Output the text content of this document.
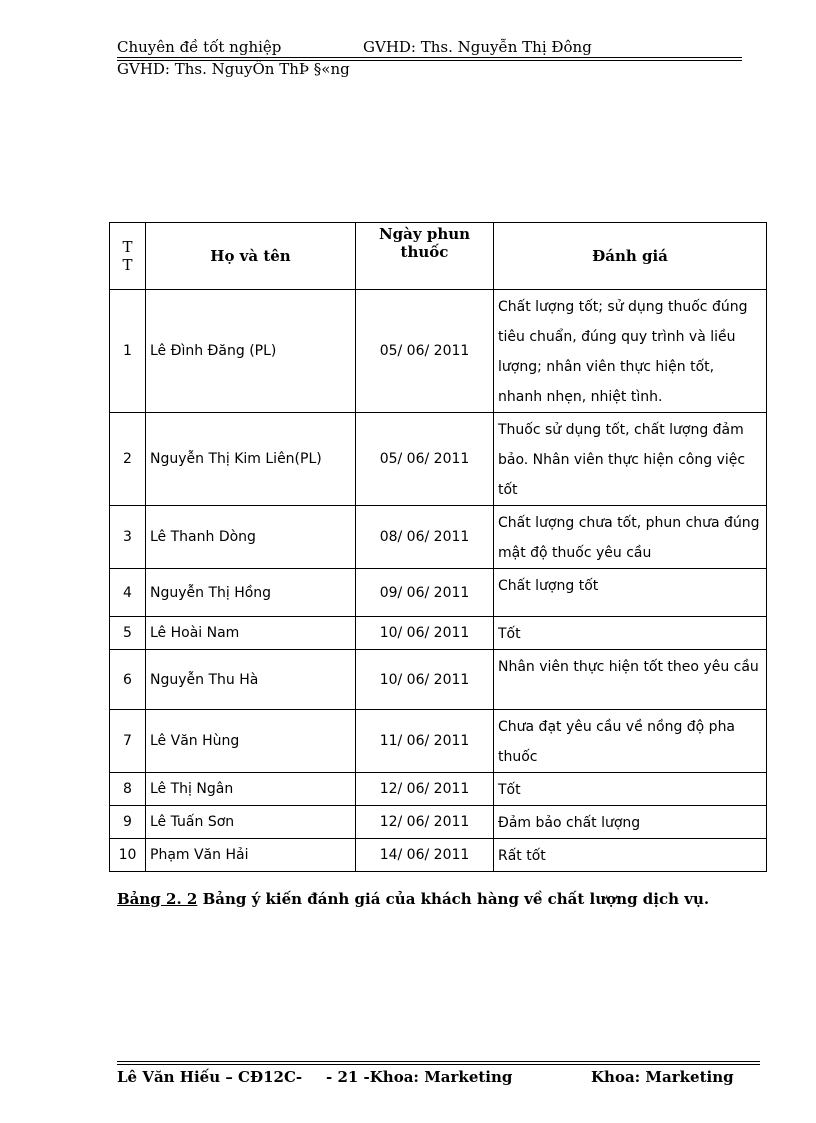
Chuyên đề tốt nghiệp	GVHD: Ths. Nguyễn Thị Đông
GVHD: Ths. NguyÔn ThÞ §«ng
T
T	Họ và tên	Ngày phun thuốc	Đánh giá
1	Lê Đình Đăng (PL)	05/ 06/ 2011	Chất lượng tốt; sử dụng thuốc đúng tiêu chuẩn, đúng quy trình và liều lượng; nhân viên thực hiện tốt, nhanh nhẹn, nhiệt tình.
2	Nguyễn Thị Kim Liên(PL)	05/ 06/ 2011	Thuốc sử dụng tốt, chất lượng đảm bảo. Nhân viên thực hiện công việc tốt
3	Lê Thanh Dòng	08/ 06/ 2011	Chất lượng chưa tốt, phun chưa đúng mật độ thuốc yêu cầu
4	Nguyễn Thị Hồng	09/ 06/ 2011	Chất lượng tốt
5	Lê Hoài Nam	10/ 06/ 2011	Tốt
6	Nguyễn Thu Hà	10/ 06/ 2011	Nhân viên thực hiện tốt theo yêu cầu
7	Lê Văn Hùng	11/ 06/ 2011	Chưa đạt yêu cầu về nồng độ pha thuốc
8	Lê Thị Ngân	12/ 06/ 2011	Tốt
9	Lê Tuấn Sơn	12/ 06/ 2011	Đảm bảo chất lượng
10	Phạm Văn Hải	14/ 06/ 2011	Rất tốt
Bảng 2. 2 Bảng ý kiến đánh giá của khách hàng về chất lượng dịch vụ.
Lê Văn Hiếu – CĐ12C- - 21 -Khoa: Marketing	Khoa: Marketing
